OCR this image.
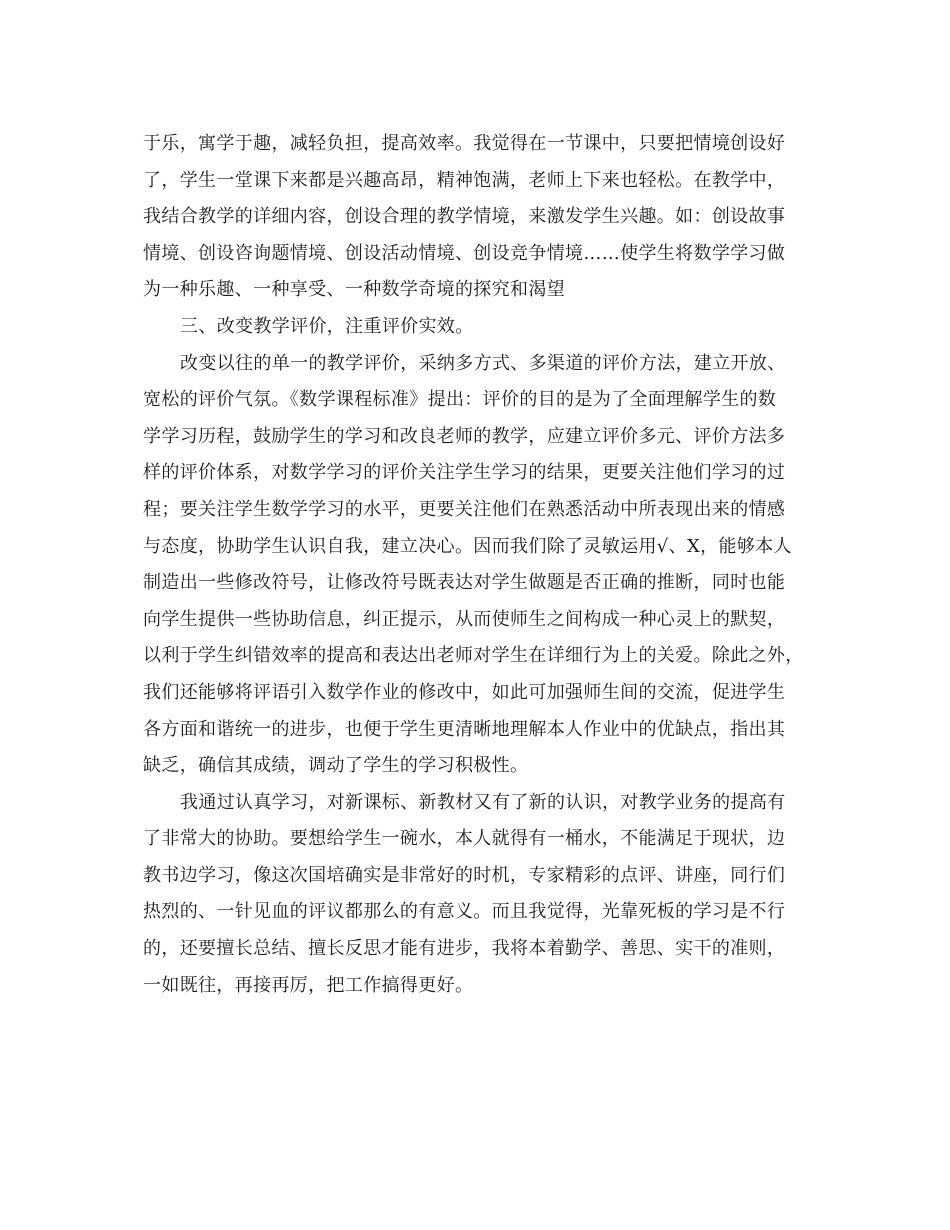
于乐，寓学于趣，减轻负担，提高效率。我觉得在一节课中，只要把情境创设好
了，学生一堂课下来都是兴趣高昂，精神饱满，老师上下来也轻松。在教学中，
我结合教学的详细内容，创设合理的教学情境，来激发学生兴趣。如：创设故事
情境、创设咨询题情境、创设活动情境、创设竞争情境……使学生将数学学习做
为一种乐趣、一种享受、一种数学奇境的探究和渴望
三、改变教学评价，注重评价实效。
改变以往的单一的教学评价，采纳多方式、多渠道的评价方法，建立开放、
宽松的评价气氛。《数学课程标准》提出：评价的目的是为了全面理解学生的数
学学习历程，鼓励学生的学习和改良老师的教学，应建立评价多元、评价方法多
样的评价体系，对数学学习的评价关注学生学习的结果，更要关注他们学习的过
程；要关注学生数学学习的水平，更要关注他们在熟悉活动中所表现出来的情感
与态度，协助学生认识自我，建立决心。因而我们除了灵敏运用√、X，能够本人
制造出一些修改符号，让修改符号既表达对学生做题是否正确的推断，同时也能
向学生提供一些协助信息，纠正提示，从而使师生之间构成一种心灵上的默契，
以利于学生纠错效率的提高和表达出老师对学生在详细行为上的关爱。除此之外，
我们还能够将评语引入数学作业的修改中，如此可加强师生间的交流，促进学生
各方面和谐统一的进步，也便于学生更清晰地理解本人作业中的优缺点，指出其
缺乏，确信其成绩，调动了学生的学习积极性。
我通过认真学习，对新课标、新教材又有了新的认识，对教学业务的提高有
了非常大的协助。要想给学生一碗水，本人就得有一桶水，不能满足于现状，边
教书边学习，像这次国培确实是非常好的时机，专家精彩的点评、讲座，同行们
热烈的、一针见血的评议都那么的有意义。而且我觉得，光靠死板的学习是不行
的，还要擅长总结、擅长反思才能有进步，我将本着勤学、善思、实干的准则，
一如既往，再接再厉，把工作搞得更好。
